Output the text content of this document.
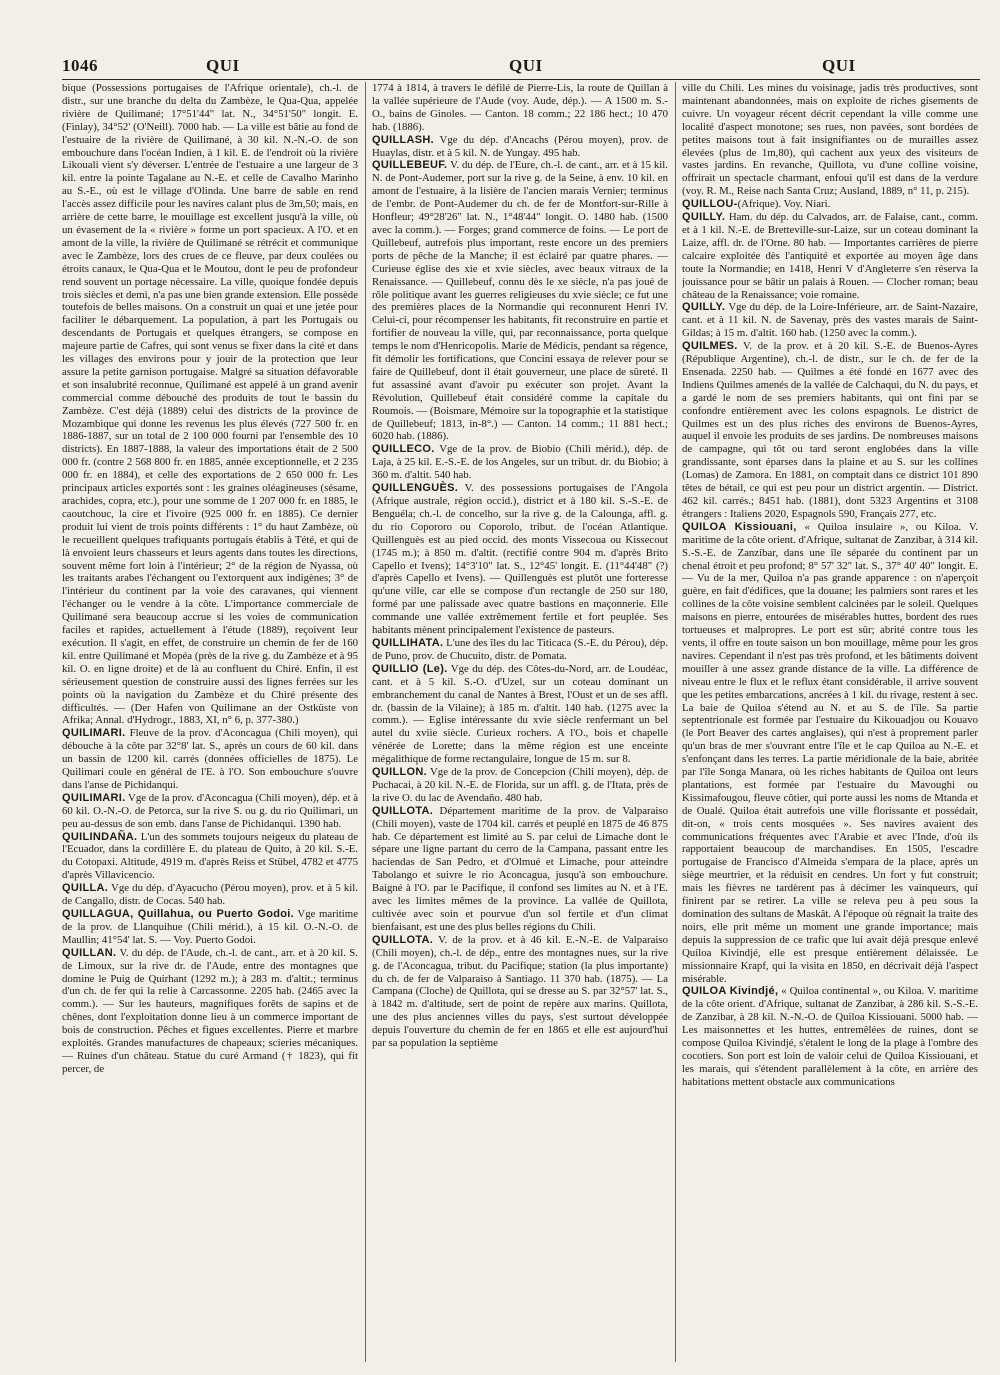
1046	QUI	QUI	QUI
bique (Possessions portugaises de l'Afrique orientale), ch.-l. de distr., sur une branche du delta du Zambèze, le Qua-Qua, appelée rivière de Quilimané; 17°51'44" lat. N., 34°51'50" longit. E. (Finlay), 34°52' (O'Neill). 7000 hab. — La ville est bâtie au fond de l'estuaire de la rivière de Quilimané, à 30 kil. N.-N.-O. de son embouchure dans l'océan Indien, à 1 kil. E. de l'endroit où la rivière Likouali vient s'y déverser. L'entrée de l'estuaire a une largeur de 3 kil. entre la pointe Tagalane au N.-E. et celle de Cavalho Marinho au S.-E., où est le village d'Olinda. Une barre de sable en rend l'accès assez difficile pour les navires calant plus de 3m,50; mais, en arrière de cette barre, le mouillage est excellent jusqu'à la ville, où un évasement de la « rivière » forme un port spacieux. A l'O. et en amont de la ville, la rivière de Quilimané se rétrécit et communique avec le Zambèze, lors des crues de ce fleuve, par deux coulées ou étroits canaux, le Qua-Qua et le Moutou, dont le peu de profondeur rend souvent un portage nécessaire. La ville, quoique fondée depuis trois siècles et demi, n'a pas une bien grande extension. Elle possède toutefois de belles maisons. On a construit un quai et une jetée pour faciliter le débarquement. La population, à part les Portugais ou descendants de Portugais et quelques étrangers, se compose en majeure partie de Cafres, qui sont venus se fixer dans la cité et dans les villages des environs pour y jouir de la protection que leur assure la petite garnison portugaise. Malgré sa situation défavorable et son insalubrité reconnue, Quilimané est appelé à un grand avenir commercial comme débouché des produits de tout le bassin du Zambèze. C'est déjà (1889) celui des districts de la province de Mozambique qui donne les revenus les plus élevés (727 500 fr. en 1886-1887, sur un total de 2 100 000 fourni par l'ensemble des 10 districts). En 1887-1888, la valeur des importations était de 2 500 000 fr. (contre 2 568 800 fr. en 1885, année exceptionnelle, et 2 235 000 fr. en 1884), et celle des exportations de 2 650 000 fr. Les principaux articles exportés sont : les graines oléagineuses (sésame, arachides, copra, etc.), pour une somme de 1 207 000 fr. en 1885, le caoutchouc, la cire et l'ivoire (925 000 fr. en 1885). Ce dernier produit lui vient de trois points différents : 1° du haut Zambèze, où le recueillent quelques trafiquants portugais établis à Tété, et qui de là envoient leurs chasseurs et leurs agents dans toutes les directions, souvent même fort loin à l'intérieur; 2° de la région de Nyassa, où les traitants arabes l'échangent ou l'extorquent aux indigènes; 3° de l'intérieur du continent par la voie des caravanes, qui viennent l'échanger ou le vendre à la côte. L'importance commerciale de Quilimané sera beaucoup accrue si les voies de communication faciles et rapides, actuellement à l'étude (1889), reçoivent leur exécution. Il s'agit, en effet, de construire un chemin de fer de 160 kil. entre Quilimané et Mopéa (près de la rive g. du Zambèze et à 95 kil. O. en ligne droite) et de là au confluent du Chiré. Enfin, il est sérieusement question de construire aussi des lignes ferrées sur les points où la navigation du Zambèze et du Chiré présente des difficultés. — (Der Hafen von Quilimane an der Ostküste von Afrika; Annal. d'Hydrogr., 1883, XI, n° 6, p. 377-380.)
QUILIMARI. Fleuve de la prov. d'Aconcagua (Chili moyen), qui débouche à la côte par 32°8' lat. S., après un cours de 60 kil. dans un bassin de 1200 kil. carrés (données officielles de 1875). Le Quilimari coule en général de l'E. à l'O. Son embouchure s'ouvre dans l'anse de Pichidanqui.
QUILIMARI. Vge de la prov. d'Aconcagua (Chili moyen), dép. et à 60 kil. O.-N.-O. de Petorca, sur la rive S. ou g. du rio Quilimari, un peu au-dessus de son emb. dans l'anse de Pichidanqui. 1390 hab.
QUILINDAÑA. L'un des sommets toujours neigeux du plateau de l'Ecuador, dans la cordillère E. du plateau de Quito, à 20 kil. S.-E. du Cotopaxi. Altitude, 4919 m. d'après Reiss et Stübel, 4782 et 4775 d'après Villavicencio.
QUILLA. Vge du dép. d'Ayacucho (Pérou moyen), prov. et à 5 kil. de Cangallo, distr. de Cocas. 540 hab.
QUILLAGUA, Quillahua, ou Puerto Godoi. Vge maritime de la prov. de Llanquihue (Chili mérid.), à 15 kil. O.-N.-O. de Maullin; 41°54' lat. S. — Voy. Puerto Godoi.
QUILLAN. V. du dép. de l'Aude, ch.-l. de cant., arr. et à 20 kil. S. de Limoux, sur la rive dr. de l'Aude, entre des montagnes que domine le Puig de Quirhant (1292 m.); à 283 m. d'altit.; terminus d'un ch. de fer qui la relie à Carcassonne. 2205 hab. (2465 avec la comm.). — Sur les hauteurs, magnifiques forêts de sapins et de chênes, dont l'exploitation donne lieu à un commerce important de bois de construction. Pêches et figues excellentes. Pierre et marbre exploités. Grandes manufactures de chapeaux; scieries mécaniques. — Ruines d'un château. Statue du curé Armand († 1823), qui fit percer, de
1774 à 1814, à travers le défilé de Pierre-Lis, la route de Quillan à la vallée supérieure de l'Aude (voy. Aude, dép.). — A 1500 m. S.-O., bains de Ginoles. — Canton. 18 comm.; 22 186 hect.; 10 470 hab. (1886).
QUILLASH. Vge du dép. d'Ancachs (Pérou moyen), prov. de Huaylas, distr. et à 5 kil. N. de Yungay. 495 hab.
QUILLEBEUF. V. du dép. de l'Eure, ch.-l. de cant., arr. et à 15 kil. N. de Pont-Audemer, port sur la rive g. de la Seine, à env. 10 kil. en amont de l'estuaire, à la lisière de l'ancien marais Vernier; terminus de l'embr. de Pont-Audemer du ch. de fer de Montfort-sur-Rille à Honfleur; 49°28'26" lat. N., 1°48'44" longit. O. 1480 hab. (1500 avec la comm.). — Forges; grand commerce de foins. — Le port de Quillebeuf, autrefois plus important, reste encore un des premiers ports de pêche de la Manche; il est éclairé par quatre phares. — Curieuse église des xie et xvie siècles, avec beaux vitraux de la Renaissance. — Quillebeuf, connu dès le xe siècle, n'a pas joué de rôle politique avant les guerres religieuses du xvie siècle; ce fut une des premières places de la Normandie qui reconnurent Henri IV. Celui-ci, pour récompenser les habitants, fit reconstruire en partie et fortifier de nouveau la ville, qui, par reconnaissance, porta quelque temps le nom d'Henricopolis. Marie de Médicis, pendant sa régence, fit démolir les fortifications, que Concini essaya de relever pour se faire de Quillebeuf, dont il était gouverneur, une place de sûreté. Il fut assassiné avant d'avoir pu exécuter son projet. Avant la Révolution, Quillebeuf était considéré comme la capitale du Roumois. — (Boismare, Mémoire sur la topographie et la statistique de Quillebeuf; 1813, in-8°.) — Canton. 14 comm.; 11 881 hect.; 6020 hab. (1886).
QUILLECO. Vge de la prov. de Biobio (Chili mérid.), dép. de Laja, à 25 kil. E.-S.-E. de los Angeles, sur un tribut. dr. du Biobio; à 360 m. d'altit. 540 hab.
QUILLENGUÈS. V. des possessions portugaises de l'Angola (Afrique australe, région occid.), district et à 180 kil. S.-S.-E. de Benguéla; ch.-l. de concelho, sur la rive g. de la Calounga, affl. g. du rio Copororo ou Coporolo, tribut. de l'océan Atlantique. Quillenguès est au pied occid. des monts Vissecoua ou Kissecout (1745 m.); à 850 m. d'altit. (rectifié contre 904 m. d'après Brito Capello et Ivens); 14°3'10" lat. S., 12°45' longit. E. (11°44'48" (?) d'après Capello et Ivens). — Quillenguès est plutôt une forteresse qu'une ville, car elle se compose d'un rectangle de 250 sur 180, formé par une palissade avec quatre bastions en maçonnerie. Elle commande une vallée extrêmement fertile et fort peuplée. Ses habitants mènent principalement l'existence de pasteurs.
QUILLIHATA. L'une des îles du lac Titicaca (S.-E. du Pérou), dép. de Puno, prov. de Chucuito, distr. de Pomata.
QUILLIO (Le). Vge du dép. des Côtes-du-Nord, arr. de Loudéac, cant. et à 5 kil. S.-O. d'Uzel, sur un coteau dominant un embranchement du canal de Nantes à Brest, l'Oust et un de ses affl. dr. (bassin de la Vilaine); à 185 m. d'altit. 140 hab. (1275 avec la comm.). — Eglise intéressante du xvie siècle renfermant un bel autel du xviie siècle. Curieux rochers. A l'O., bois et chapelle vénérée de Lorette; dans la même région est une enceinte mégalithique de forme rectangulaire, longue de 15 m. sur 8.
QUILLON. Vge de la prov. de Concepcion (Chili moyen), dép. de Puchacai, à 20 kil. N.-E. de Florida, sur un affl. g. de l'Itata, près de la rive O. du lac de Avendaño. 480 hab.
QUILLOTA. Département maritime de la prov. de Valparaiso (Chili moyen), vaste de 1704 kil. carrés et peuplé en 1875 de 46 875 hab. Ce département est limité au S. par celui de Limache dont le sépare une ligne partant du cerro de la Campana, passant entre les haciendas de San Pedro, et d'Olmué et Limache, pour atteindre Tabolango et suivre le rio Aconcagua, jusqu'à son embouchure. Baigné à l'O. par le Pacifique, il confond ses limites au N. et à l'E. avec les limites mêmes de la province. La vallée de Quillota, cultivée avec soin et pourvue d'un sol fertile et d'un climat bienfaisant, est une des plus belles régions du Chili.
QUILLOTA. V. de la prov. et à 46 kil. E.-N.-E. de Valparaiso (Chili moyen), ch.-l. de dép., entre des montagnes nues, sur la rive g. de l'Aconcagua, tribut. du Pacifique; station (la plus importante) du ch. de fer de Valparaiso à Santiago. 11 370 hab. (1875). — La Campana (Cloche) de Quillota, qui se dresse au S. par 32°57' lat. S., à 1842 m. d'altitude, sert de point de repère aux marins. Quillota, une des plus anciennes villes du pays, s'est surtout développée depuis l'ouverture du chemin de fer en 1865 et elle est aujourd'hui par sa population la septième
ville du Chili. Les mines du voisinage, jadis très productives, sont maintenant abandonnées, mais on exploite de riches gisements de cuivre. Un voyageur récent décrit cependant la ville comme une localité d'aspect monotone; ses rues, non pavées, sont bordées de petites maisons tout à fait insignifiantes ou de murailles assez élevées (plus de 1m,80), qui cachent aux yeux des visiteurs de vastes jardins. En revanche, Quillota, vu d'une colline voisine, offrirait un spectacle charmant, enfoui qu'il est dans de la verdure (voy. R. M., Reise nach Santa Cruz; Ausland, 1889, n° 11, p. 215).
QUILLOU-(Afrique). Voy. Niari.
QUILLY. Ham. du dép. du Calvados, arr. de Falaise, cant., comm. et à 1 kil. N.-E. de Bretteville-sur-Laize, sur un coteau dominant la Laize, affl. dr. de l'Orne. 80 hab. — Importantes carrières de pierre calcaire exploitée dès l'antiquité et exportée au moyen âge dans toute la Normandie; en 1418, Henri V d'Angleterre s'en réserva la jouissance pour se bâtir un palais à Rouen. — Clocher roman; beau château de la Renaissance; voie romaine.
QUILLY. Vge du dép. de la Loire-Inférieure, arr. de Saint-Nazaire, cant. et à 11 kil. N. de Savenay, près des vastes marais de Saint-Gildas; à 15 m. d'altit. 160 hab. (1250 avec la comm.).
QUILMES. V. de la prov. et à 20 kil. S.-E. de Buenos-Ayres (République Argentine), ch.-l. de distr., sur le ch. de fer de la Ensenada. 2250 hab. — Quilmes a été fondé en 1677 avec des Indiens Quilmes amenés de la vallée de Calchaqui, du N. du pays, et a gardé le nom de ses premiers habitants, qui ont fini par se confondre entièrement avec les colons espagnols. Le district de Quilmes est un des plus riches des environs de Buenos-Ayres, auquel il envoie les produits de ses jardins. De nombreuses maisons de campagne, qui tôt ou tard seront englobées dans la ville grandissante, sont éparses dans la plaine et au S. sur les collines (Lomas) de Zamora. En 1881, on comptait dans ce district 101 890 têtes de bétail, ce qui est peu pour un district argentin. — District. 462 kil. carrés.; 8451 hab. (1881), dont 5323 Argentins et 3108 étrangers : Italiens 2020, Espagnols 590, Français 277, etc.
QUILOA Kissiouani, « Quiloa insulaire », ou Kiloa. V. maritime de la côte orient. d'Afrique, sultanat de Zanzibar, à 314 kil. S.-S.-E. de Zanzibar, dans une île séparée du continent par un chenal étroit et peu profond; 8° 57' 32" lat. S., 37° 40' 40" longit. E. — Vu de la mer, Quiloa n'a pas grande apparence : on n'aperçoit guère, en fait d'édifices, que la douane; les palmiers sont rares et les collines de la côte voisine semblent calcinées par le soleil. Quelques maisons en pierre, entourées de misérables huttes, bordent des rues tortueuses et malpropres. Le port est sûr; abrité contre tous les vents, il offre en toute saison un bon mouillage, même pour les gros navires. Cependant il n'est pas très profond, et les bâtiments doivent mouiller à une assez grande distance de la ville. La différence de niveau entre le flux et le reflux étant considérable, il arrive souvent que les petites embarcations, ancrées à 1 kil. du rivage, restent à sec. La baie de Quiloa s'étend au N. et au S. de l'île. Sa partie septentrionale est formée par l'estuaire du Kikouadjou ou Kouavo (le Port Beaver des cartes anglaises), qui n'est à proprement parler qu'un bras de mer s'ouvrant entre l'île et le cap Quiloa au N.-E. et s'enfonçant dans les terres. La partie méridionale de la baie, abritée par l'île Songa Manara, où les riches habitants de Quiloa ont leurs plantations, est formée par l'estuaire du Mavoughi ou Kissimafougou, fleuve côtier, qui porte aussi les noms de Mtanda et de Oualé. Quiloa était autrefois une ville florissante et possédait, dit-on, « trois cents mosquées ». Ses navires avaient des communications fréquentes avec l'Arabie et avec l'Inde, d'où ils rapportaient beaucoup de marchandises. En 1505, l'escadre portugaise de Francisco d'Almeida s'empara de la place, après un siège meurtrier, et la réduisit en cendres. Un fort y fut construit; mais les fièvres ne tardèrent pas à décimer les vainqueurs, qui finirent par se retirer. La ville se releva peu à peu sous la domination des sultans de Maskât. A l'époque où régnait la traite des noirs, elle prit même un moment une grande importance; mais depuis la suppression de ce trafic que lui avait déjà presque enlevé Quiloa Kivindjé, elle est presque entièrement délaissée. Le missionnaire Krapf, qui la visita en 1850, en décrivait déjà l'aspect misérable.
QUILOA Kivindjé, « Quiloa continental », ou Kiloa. V. maritime de la côte orient. d'Afrique, sultanat de Zanzibar, à 286 kil. S.-S.-E. de Zanzibar, à 28 kil. N.-N.-O. de Quiloa Kissiouani. 5000 hab. — Les maisonnettes et les huttes, entremêlées de ruines, dont se compose Quiloa Kivindjé, s'étalent le long de la plage à l'ombre des cocotiers. Son port est loin de valoir celui de Quiloa Kissiouani, et les marais, qui s'étendent parallèlement à la côte, en arrière des habitations mettent obstacle aux communications
